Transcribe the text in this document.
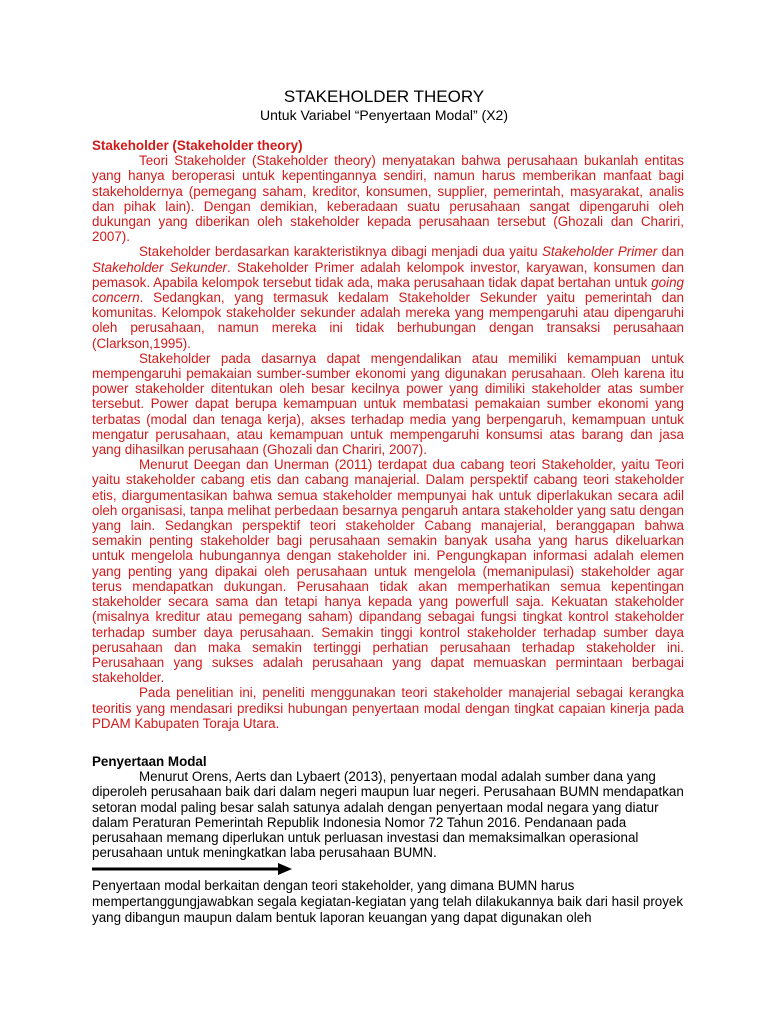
STAKEHOLDER THEORY
Untuk Variabel “Penyertaan Modal” (X2)
Stakeholder (Stakeholder theory)

Teori Stakeholder (Stakeholder theory) menyatakan bahwa perusahaan bukanlah entitas yang hanya beroperasi untuk kepentingannya sendiri, namun harus memberikan manfaat bagi stakeholdernya (pemegang saham, kreditor, konsumen, supplier, pemerintah, masyarakat, analis dan pihak lain). Dengan demikian, keberadaan suatu perusahaan sangat dipengaruhi oleh dukungan yang diberikan oleh stakeholder kepada perusahaan tersebut (Ghozali dan Chariri, 2007).

Stakeholder berdasarkan karakteristiknya dibagi menjadi dua yaitu Stakeholder Primer dan Stakeholder Sekunder. Stakeholder Primer adalah kelompok investor, karyawan, konsumen dan pemasok. Apabila kelompok tersebut tidak ada, maka perusahaan tidak dapat bertahan untuk going concern. Sedangkan, yang termasuk kedalam Stakeholder Sekunder yaitu pemerintah dan komunitas. Kelompok stakeholder sekunder adalah mereka yang mempengaruhi atau dipengaruhi oleh perusahaan, namun mereka ini tidak berhubungan dengan transaksi perusahaan (Clarkson,1995).

Stakeholder pada dasarnya dapat mengendalikan atau memiliki kemampuan untuk mempengaruhi pemakaian sumber-sumber ekonomi yang digunakan perusahaan. Oleh karena itu power stakeholder ditentukan oleh besar kecilnya power yang dimiliki stakeholder atas sumber tersebut. Power dapat berupa kemampuan untuk membatasi pemakaian sumber ekonomi yang terbatas (modal dan tenaga kerja), akses terhadap media yang berpengaruh, kemampuan untuk mengatur perusahaan, atau kemampuan untuk mempengaruhi konsumsi atas barang dan jasa yang dihasilkan perusahaan (Ghozali dan Chariri, 2007).

Menurut Deegan dan Unerman (2011) terdapat dua cabang teori Stakeholder, yaitu Teori yaitu stakeholder cabang etis dan cabang manajerial. Dalam perspektif cabang teori stakeholder etis, diargumentasikan bahwa semua stakeholder mempunyai hak untuk diperlakukan secara adil oleh organisasi, tanpa melihat perbedaan besarnya pengaruh antara stakeholder yang satu dengan yang lain. Sedangkan perspektif teori stakeholder Cabang manajerial, beranggapan bahwa semakin penting stakeholder bagi perusahaan semakin banyak usaha yang harus dikeluarkan untuk mengelola hubungannya dengan stakeholder ini. Pengungkapan informasi adalah elemen yang penting yang dipakai oleh perusahaan untuk mengelola (memanipulasi) stakeholder agar terus mendapatkan dukungan. Perusahaan tidak akan memperhatikan semua kepentingan stakeholder secara sama dan tetapi hanya kepada yang powerfull saja. Kekuatan stakeholder (misalnya kreditur atau pemegang saham) dipandang sebagai fungsi tingkat kontrol stakeholder terhadap sumber daya perusahaan. Semakin tinggi kontrol stakeholder terhadap sumber daya perusahaan dan maka semakin tertinggi perhatian perusahaan terhadap stakeholder ini. Perusahaan yang sukses adalah perusahaan yang dapat memuaskan permintaan berbagai stakeholder.

Pada penelitian ini, peneliti menggunakan teori stakeholder manajerial sebagai kerangka teoritis yang mendasari prediksi hubungan penyertaan modal dengan tingkat capaian kinerja pada PDAM Kabupaten Toraja Utara.

Penyertaan Modal

Menurut Orens, Aerts dan Lybaert (2013), penyertaan modal adalah sumber dana yang diperoleh perusahaan baik dari dalam negeri maupun luar negeri. Perusahaan BUMN mendapatkan setoran modal paling besar salah satunya adalah dengan penyertaan modal negara yang diatur dalam Peraturan Pemerintah Republik Indonesia Nomor 72 Tahun 2016. Pendanaan pada perusahaan memang diperlukan untuk perluasan investasi dan memaksimalkan operasional perusahaan untuk meningkatkan laba perusahaan BUMN.

Penyertaan modal berkaitan dengan teori stakeholder, yang dimana BUMN harus mempertanggungjawabkan segala kegiatan-kegiatan yang telah dilakukannya baik dari hasil proyek yang dibangun maupun dalam bentuk laporan keuangan yang dapat digunakan oleh
